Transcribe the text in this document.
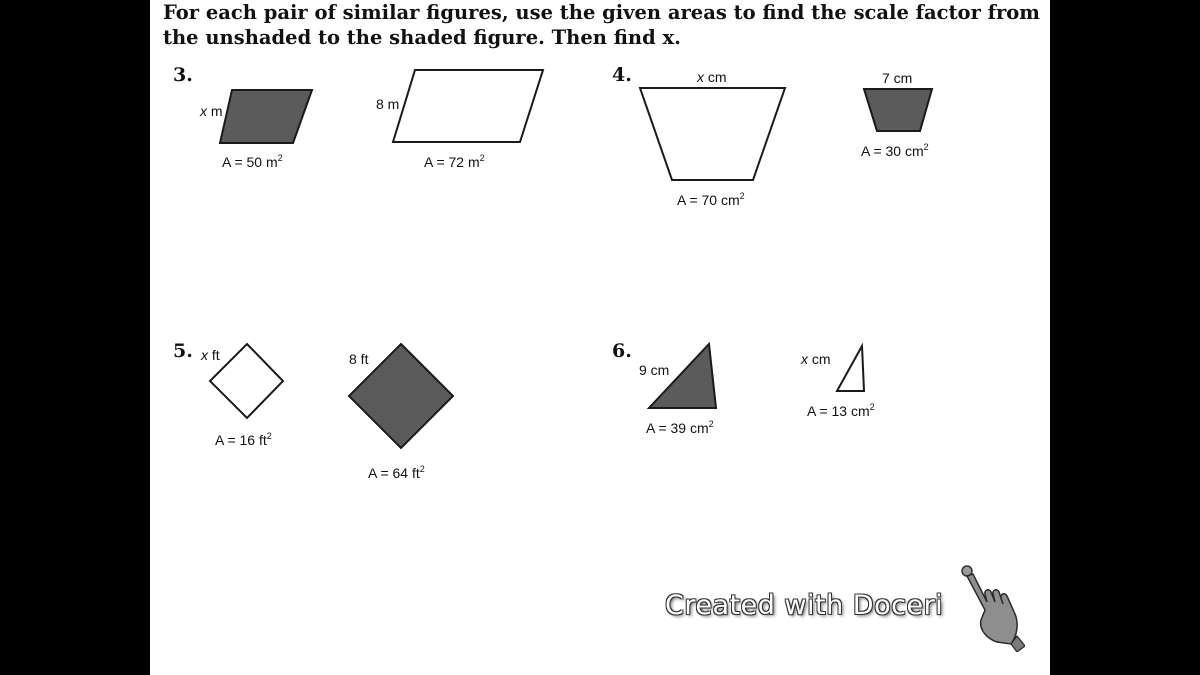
For each pair of similar figures, use the given areas to find the scale factor from the unshaded to the shaded figure. Then find x.
3.
x m
A = 50 $m^2$
8 m
A = 72 $m^2$
4.	x cm
A = 70 $cm^2$
7 cm
A = 30 $cm^2$
5. x ft
A = 16 $ft^2$
8 ft
A = 64 $ft^2$
6.
9 cm
A = 39 $cm^2$
x cm
A = 13 $cm^2$
Created with Doceri
